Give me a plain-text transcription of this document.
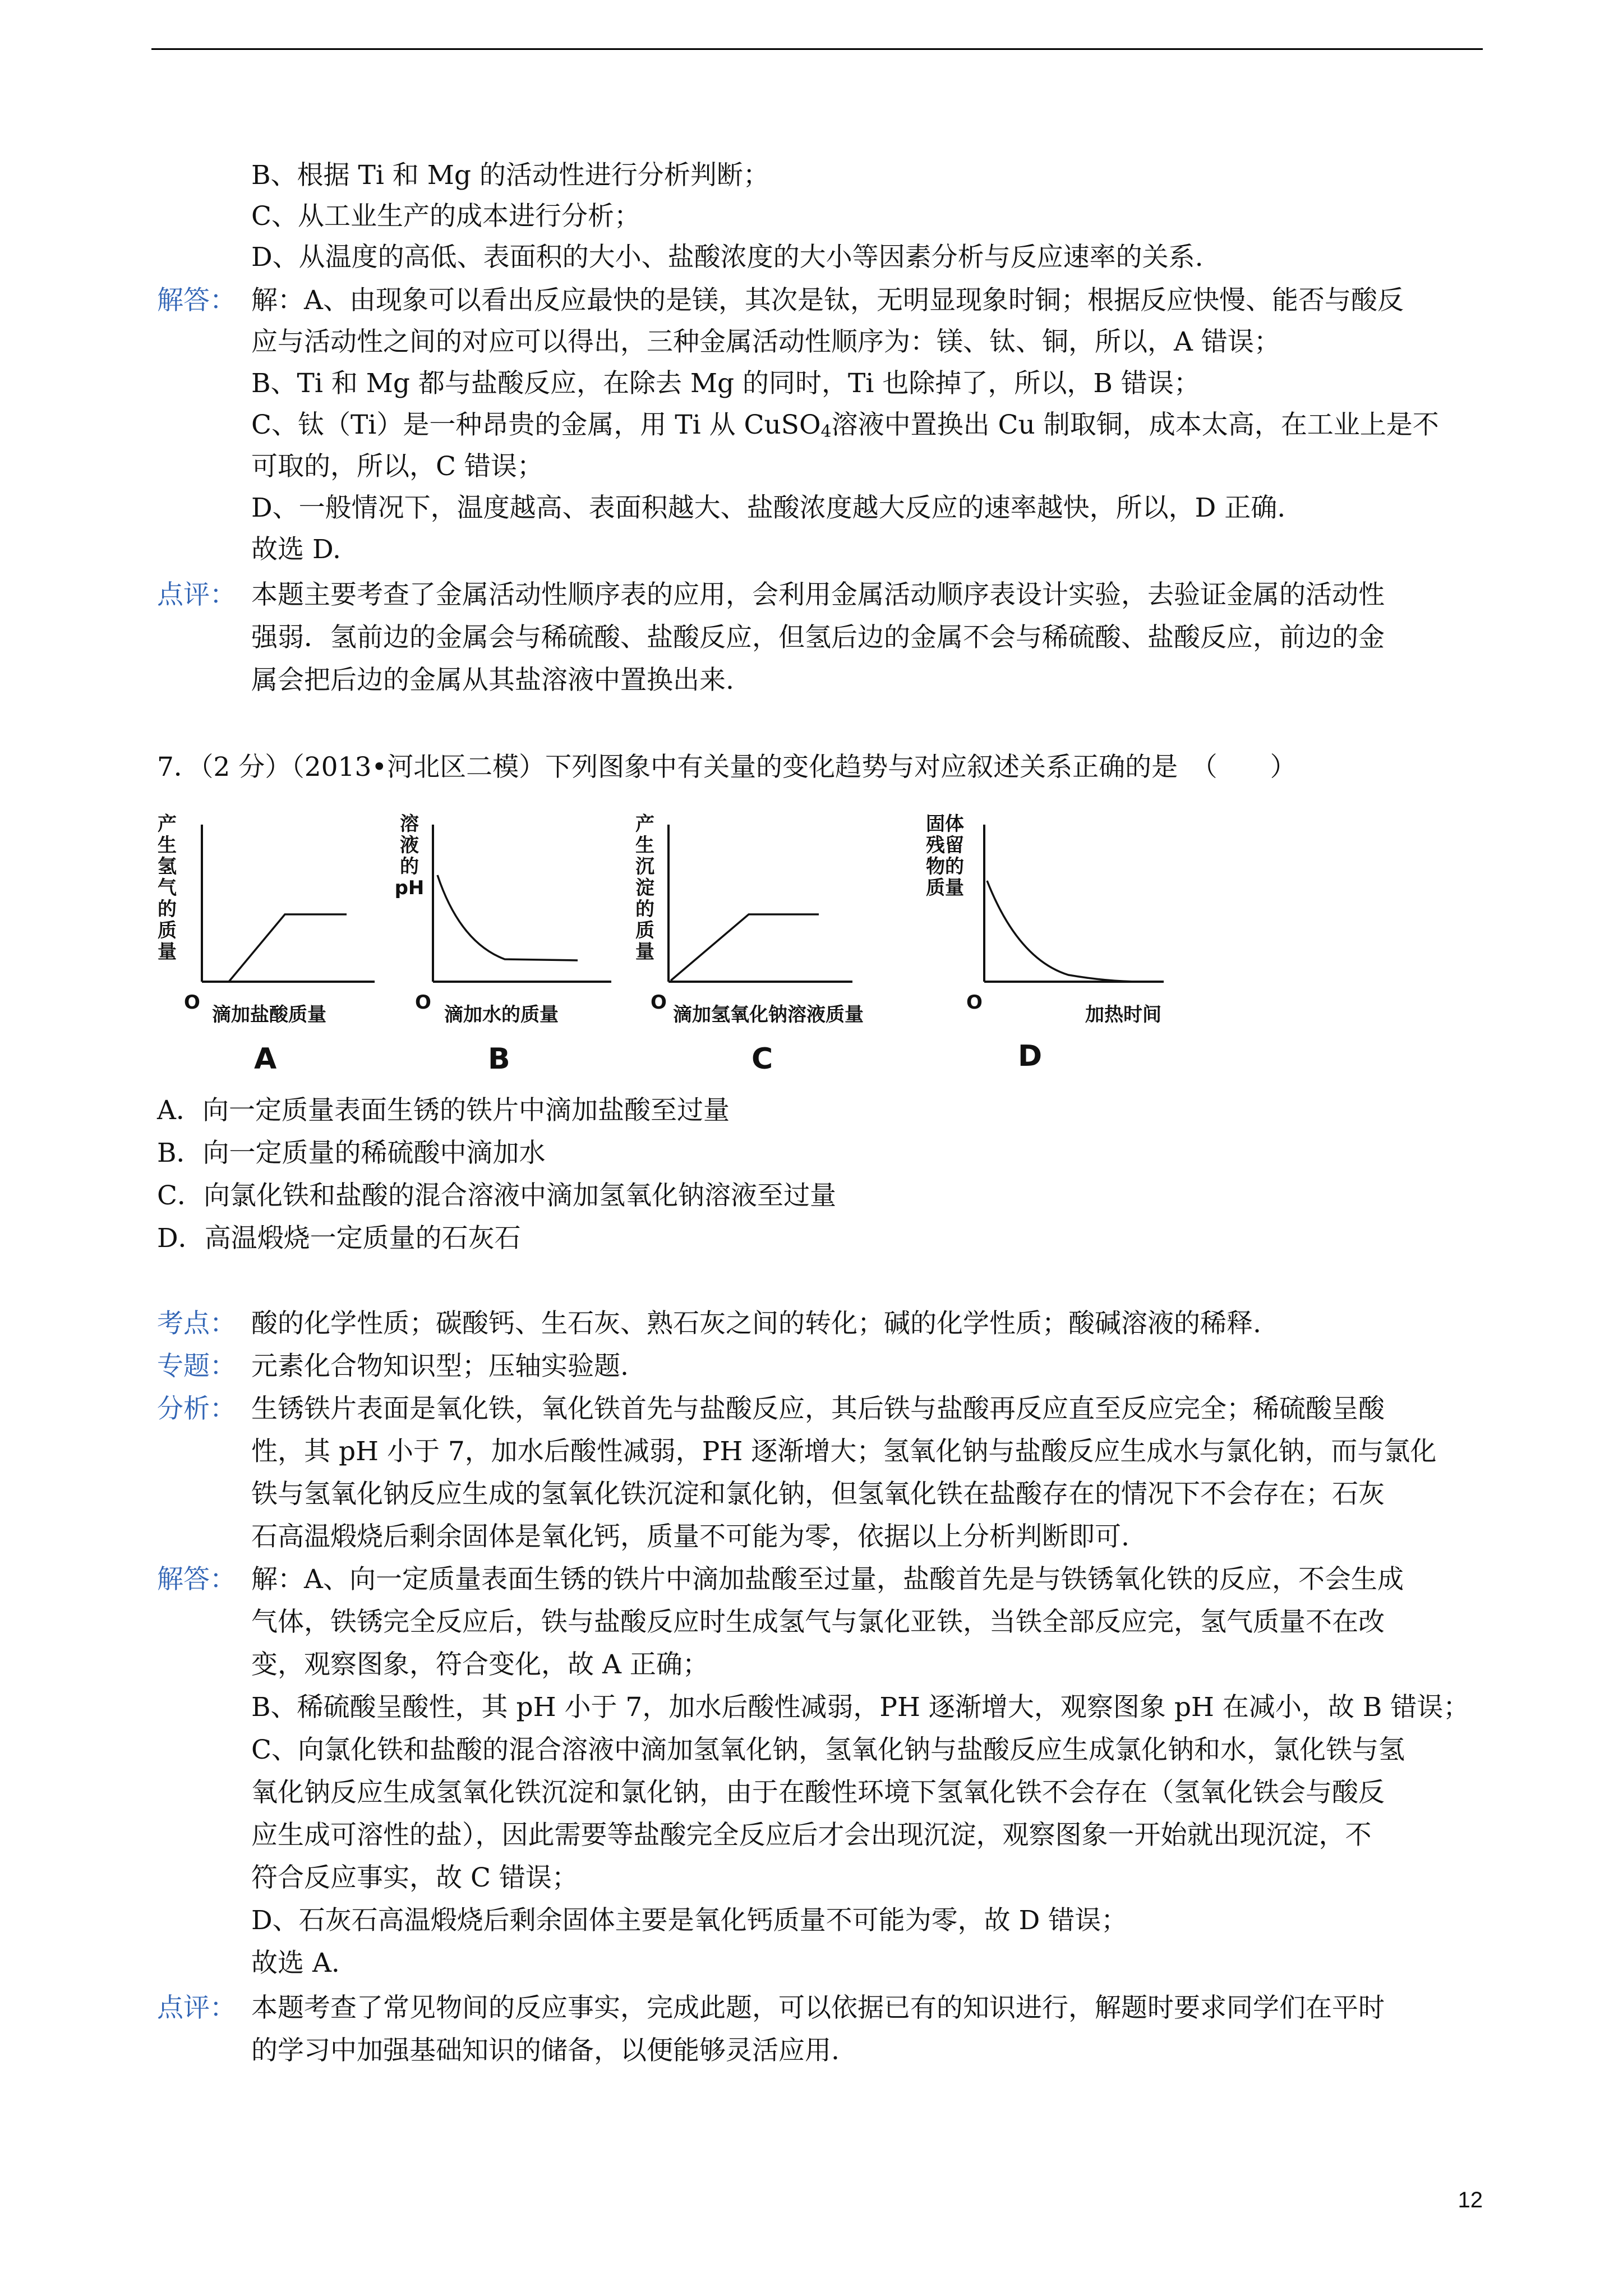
B、根据 Ti 和 Mg 的活动性进行分析判断；
C、从工业生产的成本进行分析；
D、从温度的高低、表面积的大小、盐酸浓度的大小等因素分析与反应速率的关系.
解答： 解：A、由现象可以看出反应最快的是镁，其次是钛，无明显现象时铜；根据反应快慢、能否与酸反
应与活动性之间的对应可以得出，三种金属活动性顺序为：镁、钛、铜，所以，A 错误；
B、Ti 和 Mg 都与盐酸反应，在除去 Mg 的同时，Ti 也除掉了，所以，B 错误；
C、钛（Ti）是一种昂贵的金属，用 Ti 从 CuSO$_4$溶液中置换出 Cu 制取铜，成本太高，在工业上是不
可取的，所以，C 错误；
D、一般情况下，温度越高、表面积越大、盐酸浓度越大反应的速率越快，所以，D 正确.
故选 D.
点评： 本题主要考查了金属活动性顺序表的应用，会利用金属活动顺序表设计实验，去验证金属的活动性
强弱．氢前边的金属会与稀硫酸、盐酸反应，但氢后边的金属不会与稀硫酸、盐酸反应，前边的金
属会把后边的金属从其盐溶液中置换出来.
7．（2 分）（2013•河北区二模）下列图象中有关量的变化趋势与对应叙述关系正确的是　（　　）
产
生
氢
气
的
质
量
O
滴加盐酸质量
A
溶
液
的
pH
O
滴加水的质量
B
产
生
沉
淀
的
质
量
O
滴加氢氧化钠溶液质量
C
固体
残留
物的
质量
O
加热时间
D
A．向一定质量表面生锈的铁片中滴加盐酸至过量
B．向一定质量的稀硫酸中滴加水
C．向氯化铁和盐酸的混合溶液中滴加氢氧化钠溶液至过量
D．高温煅烧一定质量的石灰石
考点： 酸的化学性质；碳酸钙、生石灰、熟石灰之间的转化；碱的化学性质；酸碱溶液的稀释.
专题： 元素化合物知识型；压轴实验题.
分析： 生锈铁片表面是氧化铁，氧化铁首先与盐酸反应，其后铁与盐酸再反应直至反应完全；稀硫酸呈酸
性，其 pH 小于 7，加水后酸性减弱，PH 逐渐增大；氢氧化钠与盐酸反应生成水与氯化钠，而与氯化
铁与氢氧化钠反应生成的氢氧化铁沉淀和氯化钠，但氢氧化铁在盐酸存在的情况下不会存在；石灰
石高温煅烧后剩余固体是氧化钙，质量不可能为零，依据以上分析判断即可.
解答： 解：A、向一定质量表面生锈的铁片中滴加盐酸至过量，盐酸首先是与铁锈氧化铁的反应，不会生成
气体，铁锈完全反应后，铁与盐酸反应时生成氢气与氯化亚铁，当铁全部反应完，氢气质量不在改
变，观察图象，符合变化，故 A 正确；
B、稀硫酸呈酸性，其 pH 小于 7，加水后酸性减弱，PH 逐渐增大，观察图象 pH 在减小，故 B 错误；
C、向氯化铁和盐酸的混合溶液中滴加氢氧化钠，氢氧化钠与盐酸反应生成氯化钠和水，氯化铁与氢
氧化钠反应生成氢氧化铁沉淀和氯化钠，由于在酸性环境下氢氧化铁不会存在（氢氧化铁会与酸反
应生成可溶性的盐），因此需要等盐酸完全反应后才会出现沉淀，观察图象一开始就出现沉淀，不
符合反应事实，故 C 错误；
D、石灰石高温煅烧后剩余固体主要是氧化钙质量不可能为零，故 D 错误；
故选 A.
点评： 本题考查了常见物间的反应事实，完成此题，可以依据已有的知识进行，解题时要求同学们在平时
的学习中加强基础知识的储备，以便能够灵活应用.
12
